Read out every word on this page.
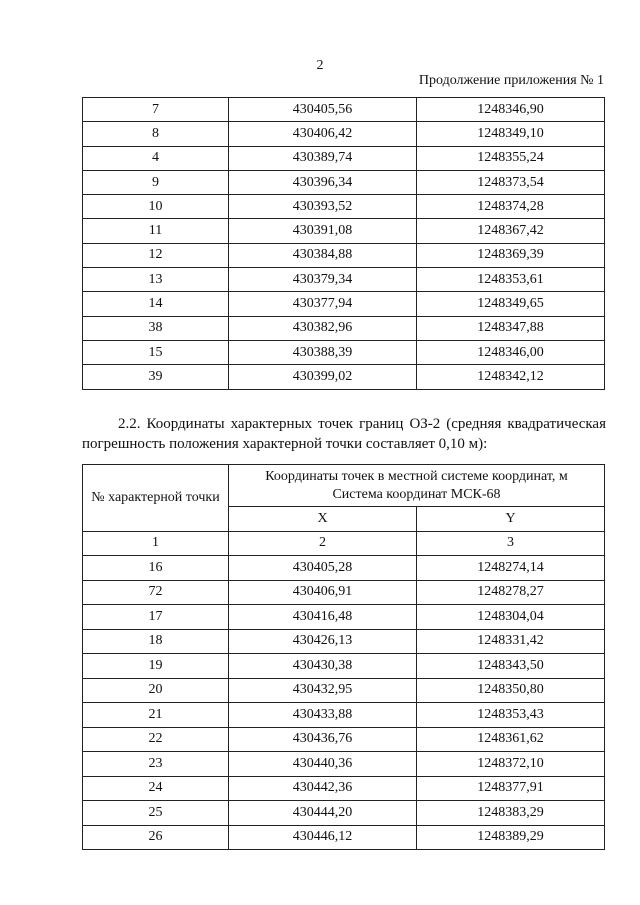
2
Продолжение приложения № 1
7	430405,56	1248346,90
8	430406,42	1248349,10
4	430389,74	1248355,24
9	430396,34	1248373,54
10	430393,52	1248374,28
11	430391,08	1248367,42
12	430384,88	1248369,39
13	430379,34	1248353,61
14	430377,94	1248349,65
38	430382,96	1248347,88
15	430388,39	1248346,00
39	430399,02	1248342,12
2.2. Координаты характерных точек границ ОЗ-2 (средняя квадратическая погрешность положения характерной точки составляет 0,10 м):
№ характерной точки	Координаты точек в местной системе координат, м
Система координат МСК-68	
	X	Y
1	2	3
16	430405,28	1248274,14
72	430406,91	1248278,27
17	430416,48	1248304,04
18	430426,13	1248331,42
19	430430,38	1248343,50
20	430432,95	1248350,80
21	430433,88	1248353,43
22	430436,76	1248361,62
23	430440,36	1248372,10
24	430442,36	1248377,91
25	430444,20	1248383,29
26	430446,12	1248389,29
